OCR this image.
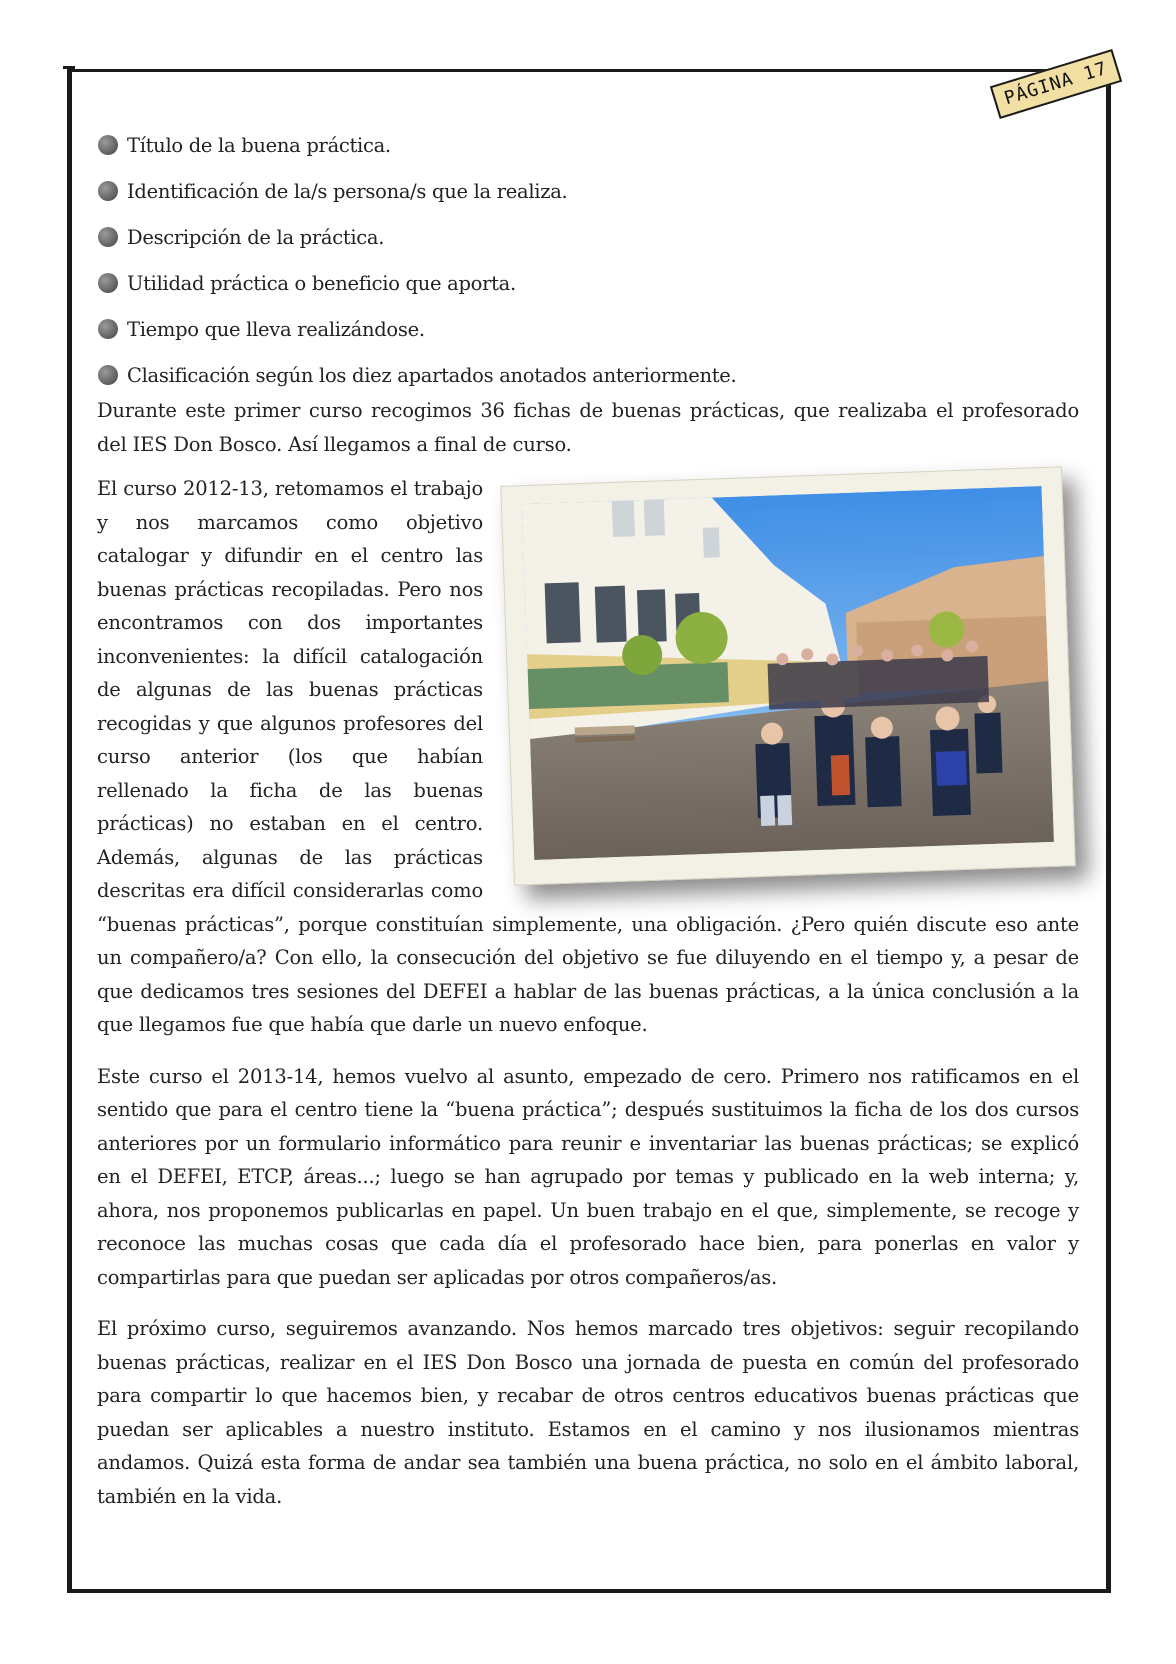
PÁGINA 17
Título de la buena práctica.
Identificación de la/s persona/s que la realiza.
Descripción de la práctica.
Utilidad práctica o beneficio que aporta.
Tiempo que lleva realizándose.
Clasificación según los diez apartados anotados anteriormente.

Durante este primer curso recogimos 36 fichas de buenas prácticas, que realizaba el profesorado del IES Don Bosco. Así llegamos a final de curso.

El curso 2012-13, retomamos el trabajo y nos marcamos como objetivo catalogar y difundir en el centro las buenas prácticas recopiladas. Pero nos encontramos con dos importantes inconvenientes: la difícil catalogación de algunas de las buenas prácticas recogidas y que algunos profesores del curso anterior (los que habían rellenado la ficha de las buenas prácticas) no estaban en el centro. Además, algunas de las prácticas descritas era difícil considerarlas como “buenas prácticas”, porque constituían simplemente, una obligación. ¿Pero quién discute eso ante un compañero/a? Con ello, la consecución del objetivo se fue diluyendo en el tiempo y, a pesar de que dedicamos tres sesiones del DEFEI a hablar de las buenas prácticas, a la única conclusión a la que llegamos fue que había que darle un nuevo enfoque.

Este curso el 2013-14, hemos vuelvo al asunto, empezado de cero. Primero nos ratificamos en el sentido que para el centro tiene la “buena práctica”; después sustituimos la ficha de los dos cursos anteriores por un formulario informático para reunir e inventariar las buenas prácticas; se explicó en el DEFEI, ETCP, áreas...; luego se han agrupado por temas y publicado en la web interna; y, ahora, nos proponemos publicarlas en papel. Un buen trabajo en el que, simplemente, se recoge y reconoce las muchas cosas que cada día el profesorado hace bien, para ponerlas en valor y compartirlas para que puedan ser aplicadas por otros compañeros/as.

El próximo curso, seguiremos avanzando. Nos hemos marcado tres objetivos: seguir recopilando buenas prácticas, realizar en el IES Don Bosco una jornada de puesta en común del profesorado para compartir lo que hacemos bien, y recabar de otros centros educativos buenas prácticas que puedan ser aplicables a nuestro instituto. Estamos en el camino y nos ilusionamos mientras andamos. Quizá esta forma de andar sea también una buena práctica, no solo en el ámbito laboral, también en la vida.
